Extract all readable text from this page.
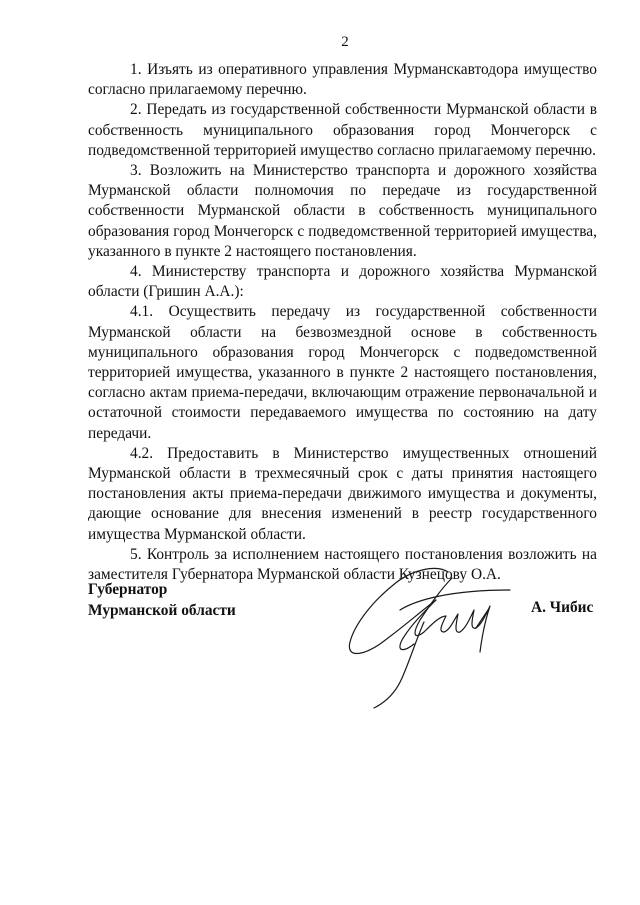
2

1. Изъять из оперативного управления Мурманскавтодора имущество согласно прилагаемому перечню.

2. Передать из государственной собственности Мурманской области в собственность муниципального образования город Мончегорск с подведомственной территорией имущество согласно прилагаемому перечню.

3. Возложить на Министерство транспорта и дорожного хозяйства Мурманской области полномочия по передаче из государственной собственности Мурманской области в собственность муниципального образования город Мончегорск с подведомственной территорией имущества, указанного в пункте 2 настоящего постановления.

4. Министерству транспорта и дорожного хозяйства Мурманской области (Гришин А.А.):

4.1. Осуществить передачу из государственной собственности Мурманской области на безвозмездной основе в собственность муниципального образования город Мончегорск с подведомственной территорией имущества, указанного в пункте 2 настоящего постановления, согласно актам приема-передачи, включающим отражение первоначальной и остаточной стоимости передаваемого имущества по состоянию на дату передачи.

4.2. Предоставить в Министерство имущественных отношений Мурманской области в трехмесячный срок с даты принятия настоящего постановления акты приема-передачи движимого имущества и документы, дающие основание для внесения изменений в реестр государственного имущества Мурманской области.

5. Контроль за исполнением настоящего постановления возложить на заместителя Губернатора Мурманской области Кузнецову О.А.

Губернатор
Мурманской области	А. Чибис
